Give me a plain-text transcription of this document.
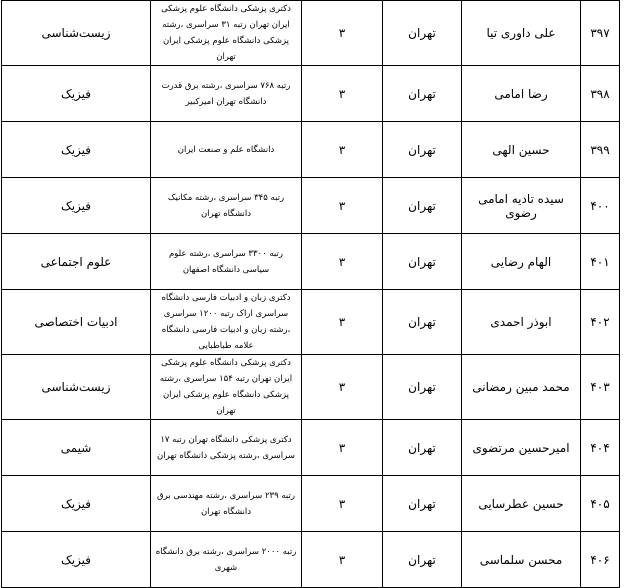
۳۹۷	علی داوری تیا	تهران	۳	دکتری پزشکی دانشگاه علوم پزشکی ایران تهران رتبه ۳۱ سراسری ،رشته پزشکی دانشگاه علوم پزشکی ایران تهران	زیست‌شناسی
۳۹۸	رضا امامی	تهران	۳	رتبه ۷۶۸ سراسری ،رشته برق قدرت دانشگاه تهران امیرکبیر	فیزیک
۳۹۹	حسین الهی	تهران	۳	دانشگاه علم و صنعت ایران	فیزیک
۴۰۰	سیده تادیه امامی رضوی	تهران	۳	رتبه ۳۴۵ سراسری ،رشته مکانیک دانشگاه تهران	فیزیک
۴۰۱	الهام رضایی	تهران	۳	رتبه ۳۳۰۰ سراسری ،رشته علوم سیاسی دانشگاه اصفهان	علوم اجتماعی
۴۰۲	ابوذر احمدی	تهران	۳	دکتری زبان و ادبیات فارسی دانشگاه سراسری اراک رتبه ۱۲۰۰ سراسری ،رشته زبان و ادبیات فارسی دانشگاه علامه طباطبایی	ادبیات اختصاصی
۴۰۳	محمد مبین رمضانی	تهران	۳	دکتری پزشکی دانشگاه علوم پزشکی ایران تهران رتبه ۱۵۴ سراسری ،رشته پزشکی دانشگاه علوم پزشکی ایران تهران	زیست‌شناسی
۴۰۴	امیرحسین مرتضوی	تهران	۳	دکتری پزشکی دانشگاه تهران رتبه ۱۷ سراسری ،رشته پزشکی دانشگاه تهران	شیمی
۴۰۵	حسین عطرسایی	تهران	۳	رتبه ۲۳۹ سراسری ،رشته مهندسی برق دانشگاه تهران	فیزیک
۴۰۶	محسن سلماسی	تهران	۳	رتبه ۲۰۰۰ سراسری ،رشته برق دانشگاه شهری	فیزیک
